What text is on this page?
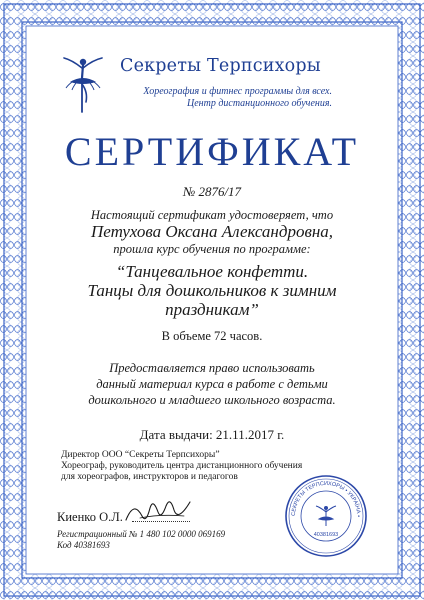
Секреты Терпсихоры
Хореография и фитнес программы для всех.
Центр дистанционного обучения.
СЕРТИФИКАТ
№ 2876/17
Настоящий сертификат удостоверяет, что
Петухова Оксана Александровна,
прошла курс обучения по программе:
“Танцевальное конфетти.
Танцы для дошкольников к зимним
праздникам”
В объеме 72 часов.
Предоставляется право использовать
данный материал курса в работе с детьми
дошкольного и младшего школьного возраста.
Дата выдачи: 21.11.2017 г.
Директор ООО “Секреты Терпсихоры”
Хореограф, руководитель центра дистанционного обучения
для хореографов, инструкторов и педагогов
Киенко О.Л.
Регистрационный № 1 480 102 0000 069169
Код 40381693
СЕКРЕТЫ ТЕРПСИХОРЫ • УКРАЇНА •
40381693
